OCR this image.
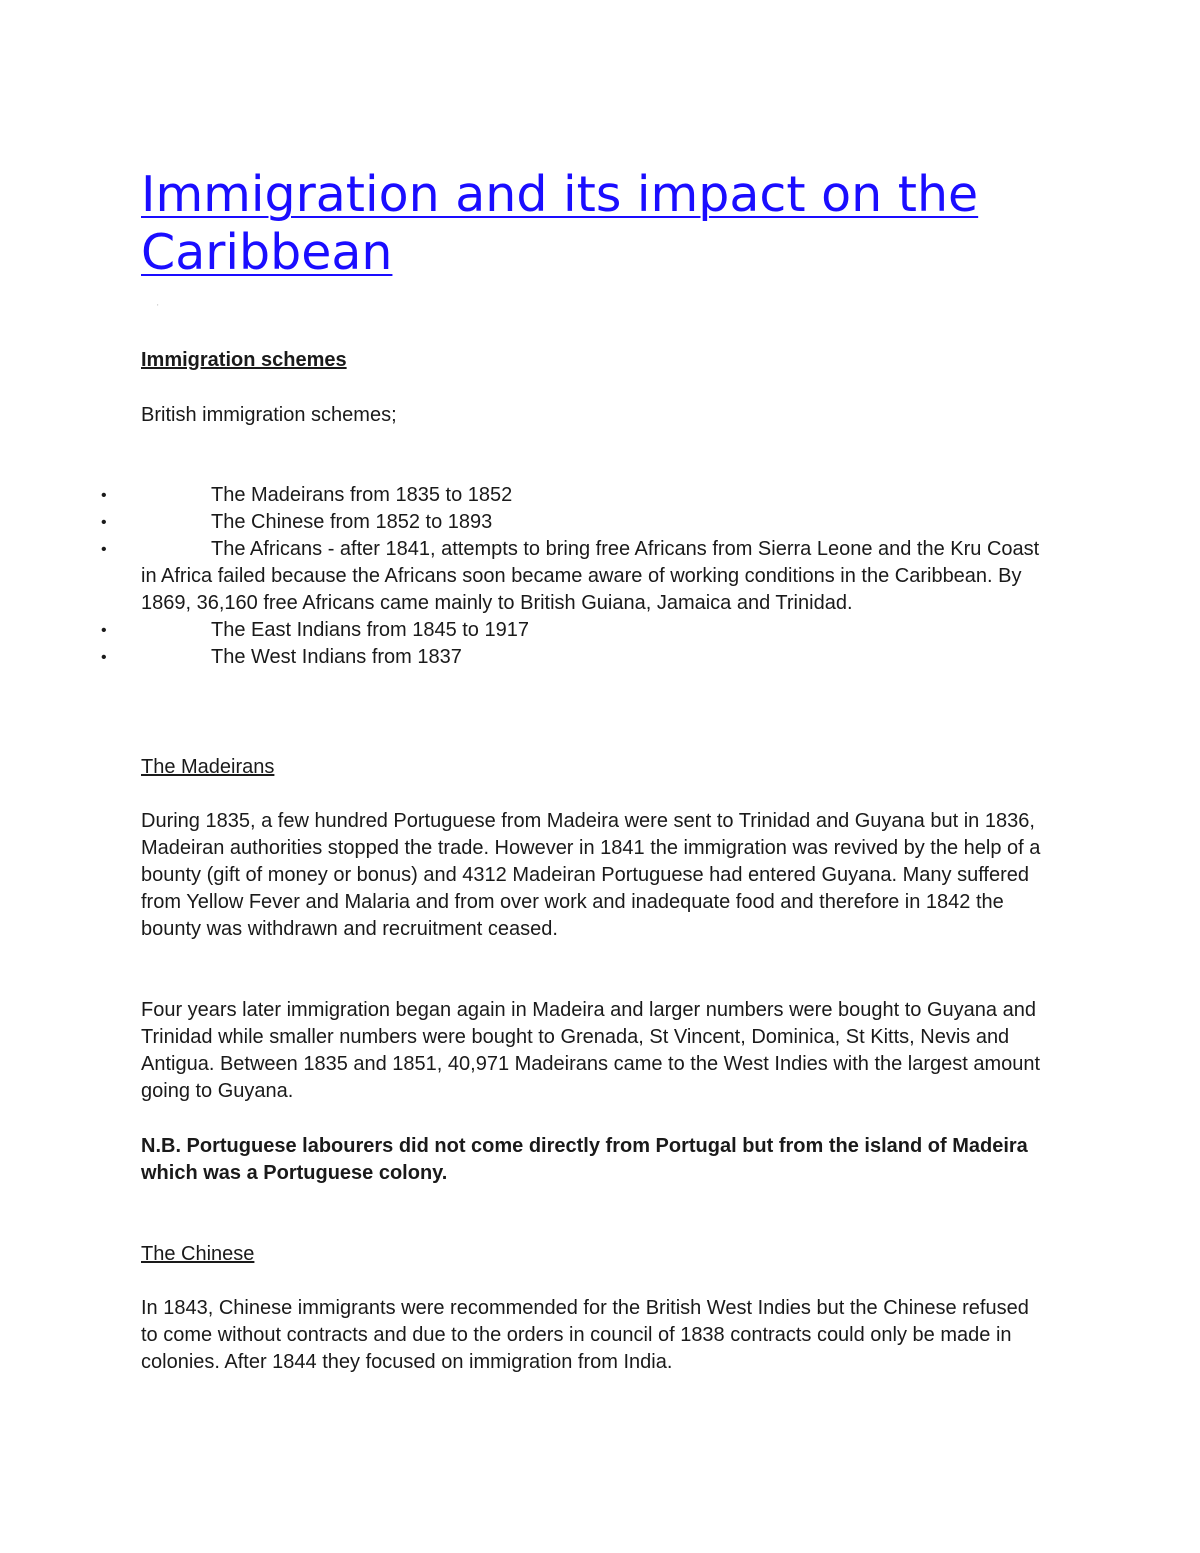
Immigration and its impact on the
Caribbean
'
Immigration schemes

British immigration schemes;

•	The Madeirans from 1835 to 1852
•	The Chinese from 1852 to 1893
•	The Africans - after 1841, attempts to bring free Africans from Sierra Leone and the Kru Coast in Africa failed because the Africans soon became aware of working conditions in the Caribbean. By 1869, 36,160 free Africans came mainly to British Guiana, Jamaica and Trinidad.
•	The East Indians from 1845 to 1917
•	The West Indians from 1837
The Madeirans

During 1835, a few hundred Portuguese from Madeira were sent to Trinidad and Guyana but in 1836, Madeiran authorities stopped the trade. However in 1841 the immigration was revived by the help of a bounty (gift of money or bonus) and 4312 Madeiran Portuguese had entered Guyana. Many suffered from Yellow Fever and Malaria and from over work and inadequate food and therefore in 1842 the bounty was withdrawn and recruitment ceased.

Four years later immigration began again in Madeira and larger numbers were bought to Guyana and Trinidad while smaller numbers were bought to Grenada, St Vincent, Dominica, St Kitts, Nevis and Antigua. Between 1835 and 1851, 40,971 Madeirans came to the West Indies with the largest amount going to Guyana.

N.B. Portuguese labourers did not come directly from Portugal but from the island of Madeira which was a Portuguese colony.

The Chinese

In 1843, Chinese immigrants were recommended for the British West Indies but the Chinese refused to come without contracts and due to the orders in council of 1838 contracts could only be made in colonies. After 1844 they focused on immigration from India.
